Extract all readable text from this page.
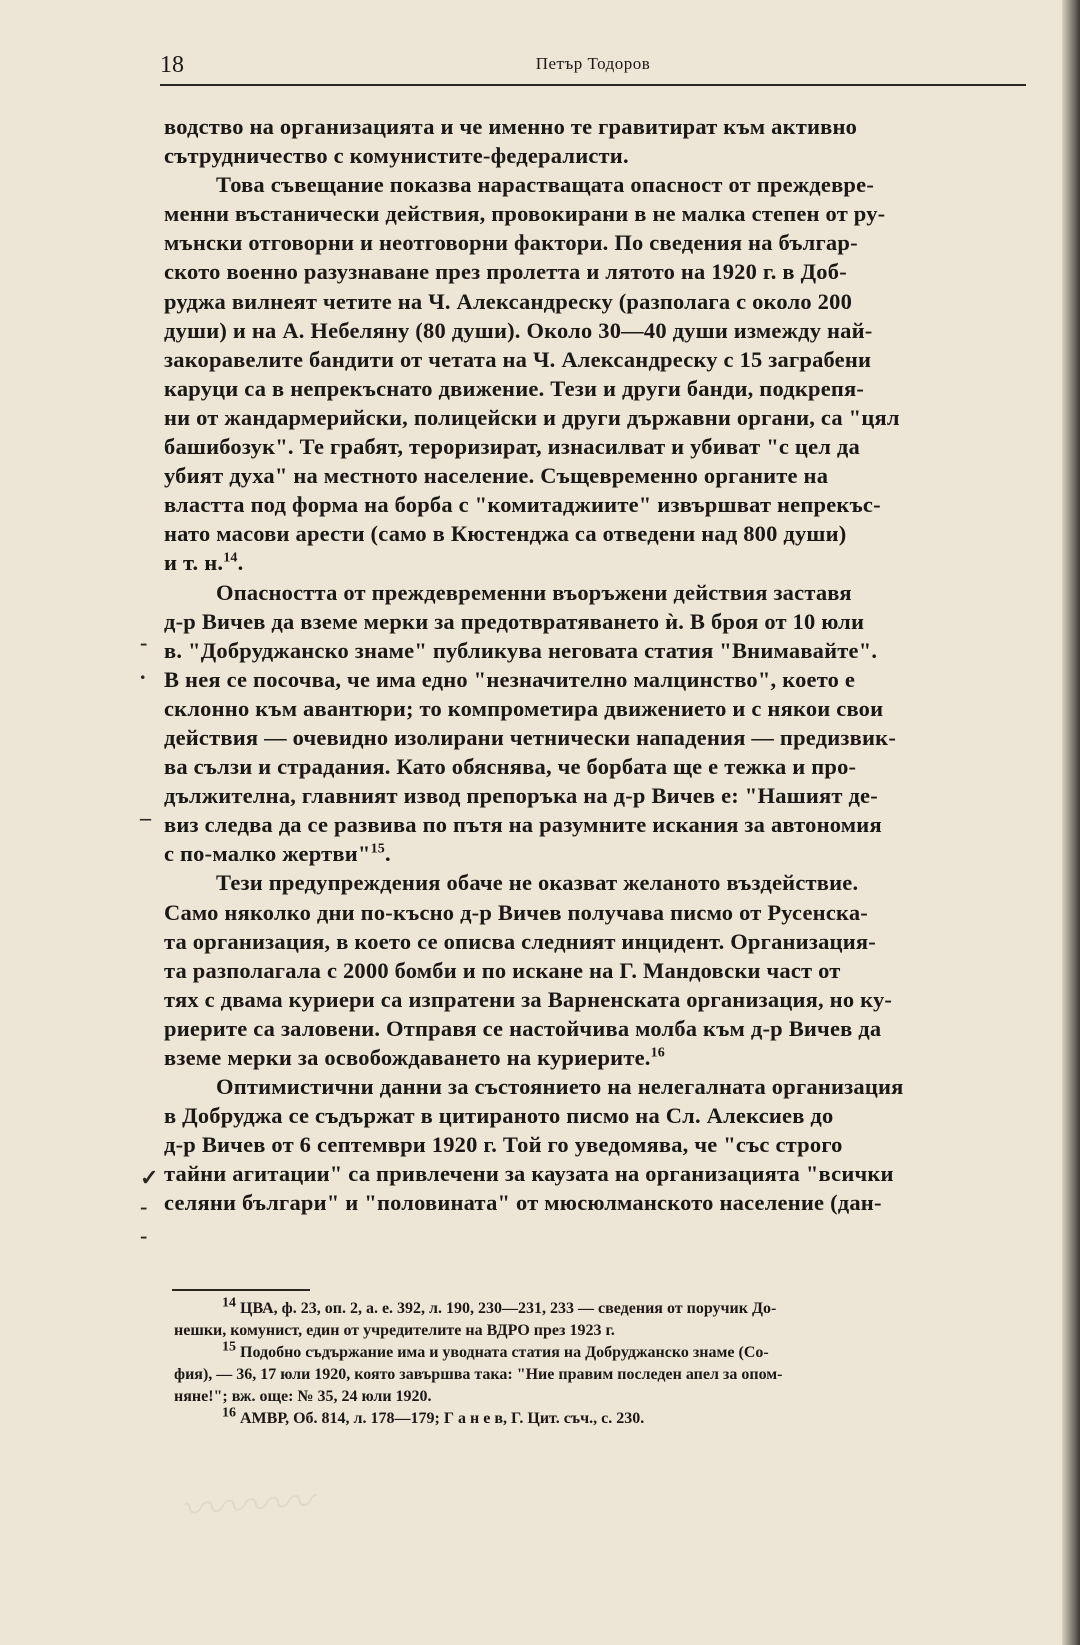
18	Петър Тодоров
водство на организацията и че именно те гравитират към активно
сътрудничество с комунистите-федералисти.
Това съвещание показва нарастващата опасност от преждевре-
менни въстанически действия, провокирани в не малка степен от ру-
мънски отговорни и неотговорни фактори. По сведения на българ-
ското военно разузнаване през пролетта и лятото на 1920 г. в Доб-
руджа вилнеят четите на Ч. Александреску (разполага с около 200
души) и на А. Небеляну (80 души). Около 30—40 души измежду най-
закоравелите бандити от четата на Ч. Александреску с 15 заграбени
каруци са в непрекъснато движение. Тези и други банди, подкрепя-
ни от жандармерийски, полицейски и други държавни органи, са "цял
башибозук". Те грабят, тероризират, изнасилват и убиват "с цел да
убият духа" на местното население. Същевременно органите на
властта под форма на борба с "комитаджиите" извършват непрекъс-
нато масови арести (само в Кюстенджа са отведени над 800 души)
и т. н.$^{14}$.
Опасността от преждевременни въоръжени действия заставя
д-р Вичев да вземе мерки за предотвратяването ѝ. В броя от 10 юли
в. "Добруджанско знаме" публикува неговата статия "Внимавайте".
В нея се посочва, че има едно "незначително малцинство", което е
склонно към авантюри; то компрометира движението и с някои свои
действия — очевидно изолирани четнически нападения — предизвик-
ва сълзи и страдания. Като обяснява, че борбата ще е тежка и про-
дължителна, главният извод препоръка на д-р Вичев е: "Нашият де-
виз следва да се развива по пътя на разумните искания за автономия
с по-малко жертви"$^{15}$.
Тези предупреждения обаче не оказват желаното въздействие.
Само няколко дни по-късно д-р Вичев получава писмо от Русенска-
та организация, в което се описва следният инцидент. Организация-
та разполагала с 2000 бомби и по искане на Г. Мандовски част от
тях с двама куриери са изпратени за Варненската организация, но ку-
риерите са заловени. Отправя се настойчива молба към д-р Вичев да
вземе мерки за освобождаването на куриерите.$^{16}$
Оптимистични данни за състоянието на нелегалната организация
в Добруджа се съдържат в цитираното писмо на Сл. Алексиев до
д-р Вичев от 6 септември 1920 г. Той го уведомява, че "със строго
тайни агитации" са привлечени за каузата на организацията "всички
селяни българи" и "половината" от мюсюлманското население (дан-
-
.
–
✓
-
-
$^{14}$ ЦВА, ф. 23, оп. 2, а. е. 392, л. 190, 230—231, 233 — сведения от поручик До-
нешки, комунист, един от учредителите на ВДРО през 1923 г.
$^{15}$ Подобно съдържание има и уводната статия на Добруджанско знаме (Со-
фия), — 36, 17 юли 1920, която завършва така: "Ние правим последен апел за опом-
няне!"; вж. още: № 35, 24 юли 1920.
$^{16}$ АМВР, Об. 814, л. 178—179; Г а н е в, Г. Цит. съч., с. 230.
〰〰〰
